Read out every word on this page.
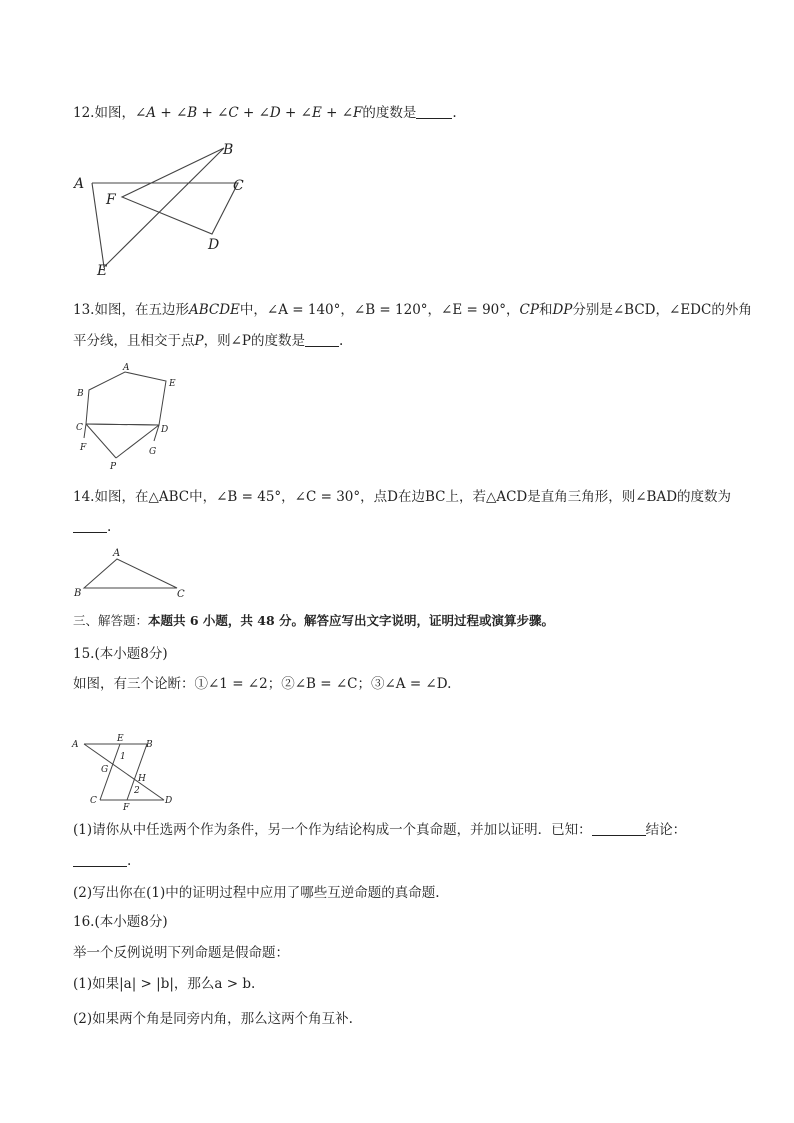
12.如图，∠A + ∠B + ∠C + ∠D + ∠E + ∠F的度数是	.
A
B
C
D
E
F
13.如图，在五边形ABCDE中，∠A = 140°，∠B = 120°，∠E = 90°，CP和DP分别是∠BCD，∠EDC的外角
平分线，且相交于点P，则∠P的度数是	.
A
B
C	D
E
F	G
P
14.如图，在△ABC中，∠B = 45°，∠C = 30°，点D在边BC上，若△ACD是直角三角形，则∠BAD的度数为
.
A
B	C
三、解答题：本题共 6 小题，共 48 分。解答应写出文字说明，证明过程或演算步骤。
15.(本小题8分)
如图，有三个论断：①∠1 = ∠2；②∠B = ∠C；③∠A = ∠D.
A
E
B
1
G
H
2
C
F
D
(1)请你从中任选两个作为条件，另一个作为结论构成一个真命题，并加以证明．已知：	结论：
.
(2)写出你在(1)中的证明过程中应用了哪些互逆命题的真命题.
16.(本小题8分)
举一个反例说明下列命题是假命题：
(1)如果|a| > |b|，那么a > b.
(2)如果两个角是同旁内角，那么这两个角互补.
